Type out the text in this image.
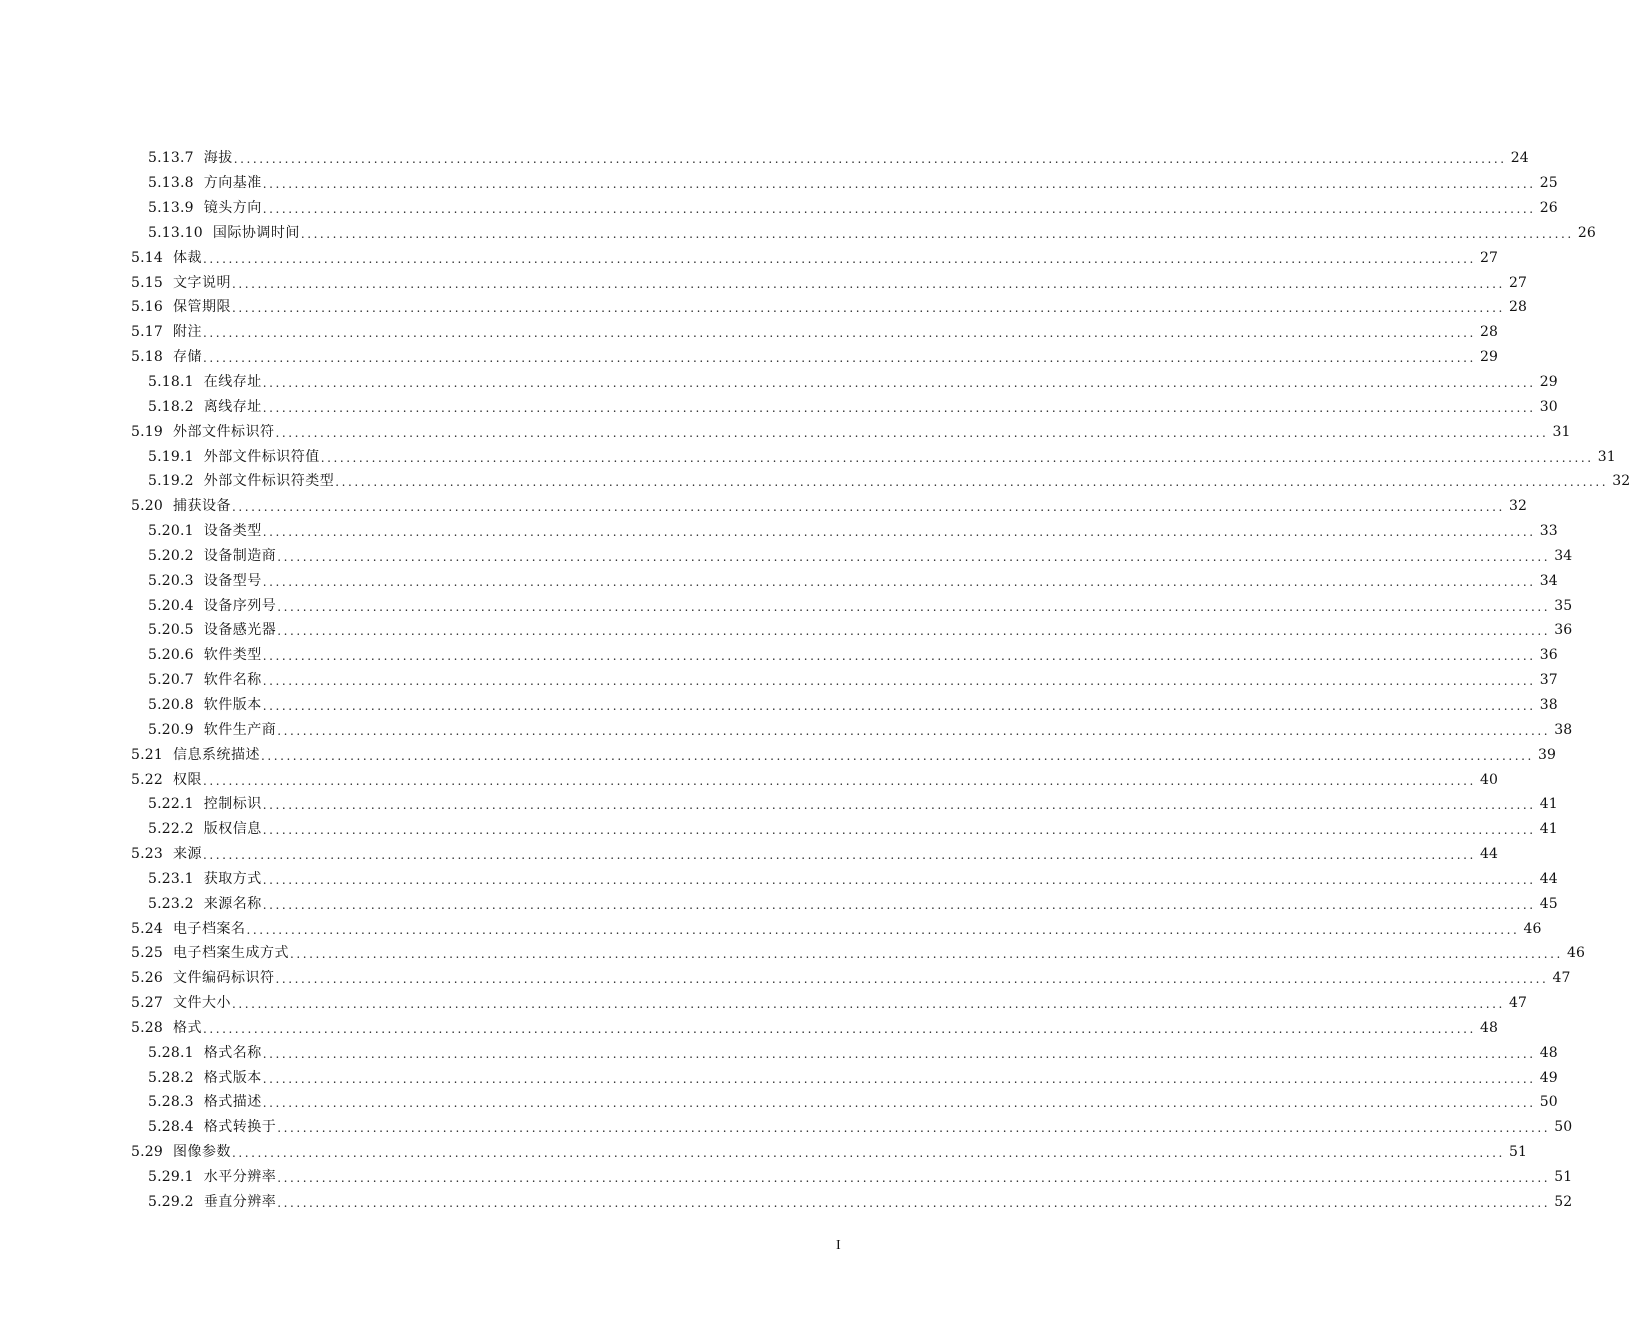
5.13.7 海拔 ........................................................................................................................................................................................................ 24
5.13.8 方向基准 ........................................................................................................................................................................................................ 25
5.13.9 镜头方向 ........................................................................................................................................................................................................ 26
5.13.10 国际协调时间 ........................................................................................................................................................................................................ 26
5.14 体裁 ........................................................................................................................................................................................................ 27
5.15 文字说明 ........................................................................................................................................................................................................ 27
5.16 保管期限 ........................................................................................................................................................................................................ 28
5.17 附注 ........................................................................................................................................................................................................ 28
5.18 存储 ........................................................................................................................................................................................................ 29
5.18.1 在线存址 ........................................................................................................................................................................................................ 29
5.18.2 离线存址 ........................................................................................................................................................................................................ 30
5.19 外部文件标识符 ........................................................................................................................................................................................................ 31
5.19.1 外部文件标识符值 ........................................................................................................................................................................................................ 31
5.19.2 外部文件标识符类型 ........................................................................................................................................................................................................ 32
5.20 捕获设备 ........................................................................................................................................................................................................ 32
5.20.1 设备类型 ........................................................................................................................................................................................................ 33
5.20.2 设备制造商 ........................................................................................................................................................................................................ 34
5.20.3 设备型号 ........................................................................................................................................................................................................ 34
5.20.4 设备序列号 ........................................................................................................................................................................................................ 35
5.20.5 设备感光器 ........................................................................................................................................................................................................ 36
5.20.6 软件类型 ........................................................................................................................................................................................................ 36
5.20.7 软件名称 ........................................................................................................................................................................................................ 37
5.20.8 软件版本 ........................................................................................................................................................................................................ 38
5.20.9 软件生产商 ........................................................................................................................................................................................................ 38
5.21 信息系统描述 ........................................................................................................................................................................................................ 39
5.22 权限 ........................................................................................................................................................................................................ 40
5.22.1 控制标识 ........................................................................................................................................................................................................ 41
5.22.2 版权信息 ........................................................................................................................................................................................................ 41
5.23 来源 ........................................................................................................................................................................................................ 44
5.23.1 获取方式 ........................................................................................................................................................................................................ 44
5.23.2 来源名称 ........................................................................................................................................................................................................ 45
5.24 电子档案名 ........................................................................................................................................................................................................ 46
5.25 电子档案生成方式 ........................................................................................................................................................................................................ 46
5.26 文件编码标识符 ........................................................................................................................................................................................................ 47
5.27 文件大小 ........................................................................................................................................................................................................ 47
5.28 格式 ........................................................................................................................................................................................................ 48
5.28.1 格式名称 ........................................................................................................................................................................................................ 48
5.28.2 格式版本 ........................................................................................................................................................................................................ 49
5.28.3 格式描述 ........................................................................................................................................................................................................ 50
5.28.4 格式转换于 ........................................................................................................................................................................................................ 50
5.29 图像参数 ........................................................................................................................................................................................................ 51
5.29.1 水平分辨率 ........................................................................................................................................................................................................ 51
5.29.2 垂直分辨率 ........................................................................................................................................................................................................ 52
I
